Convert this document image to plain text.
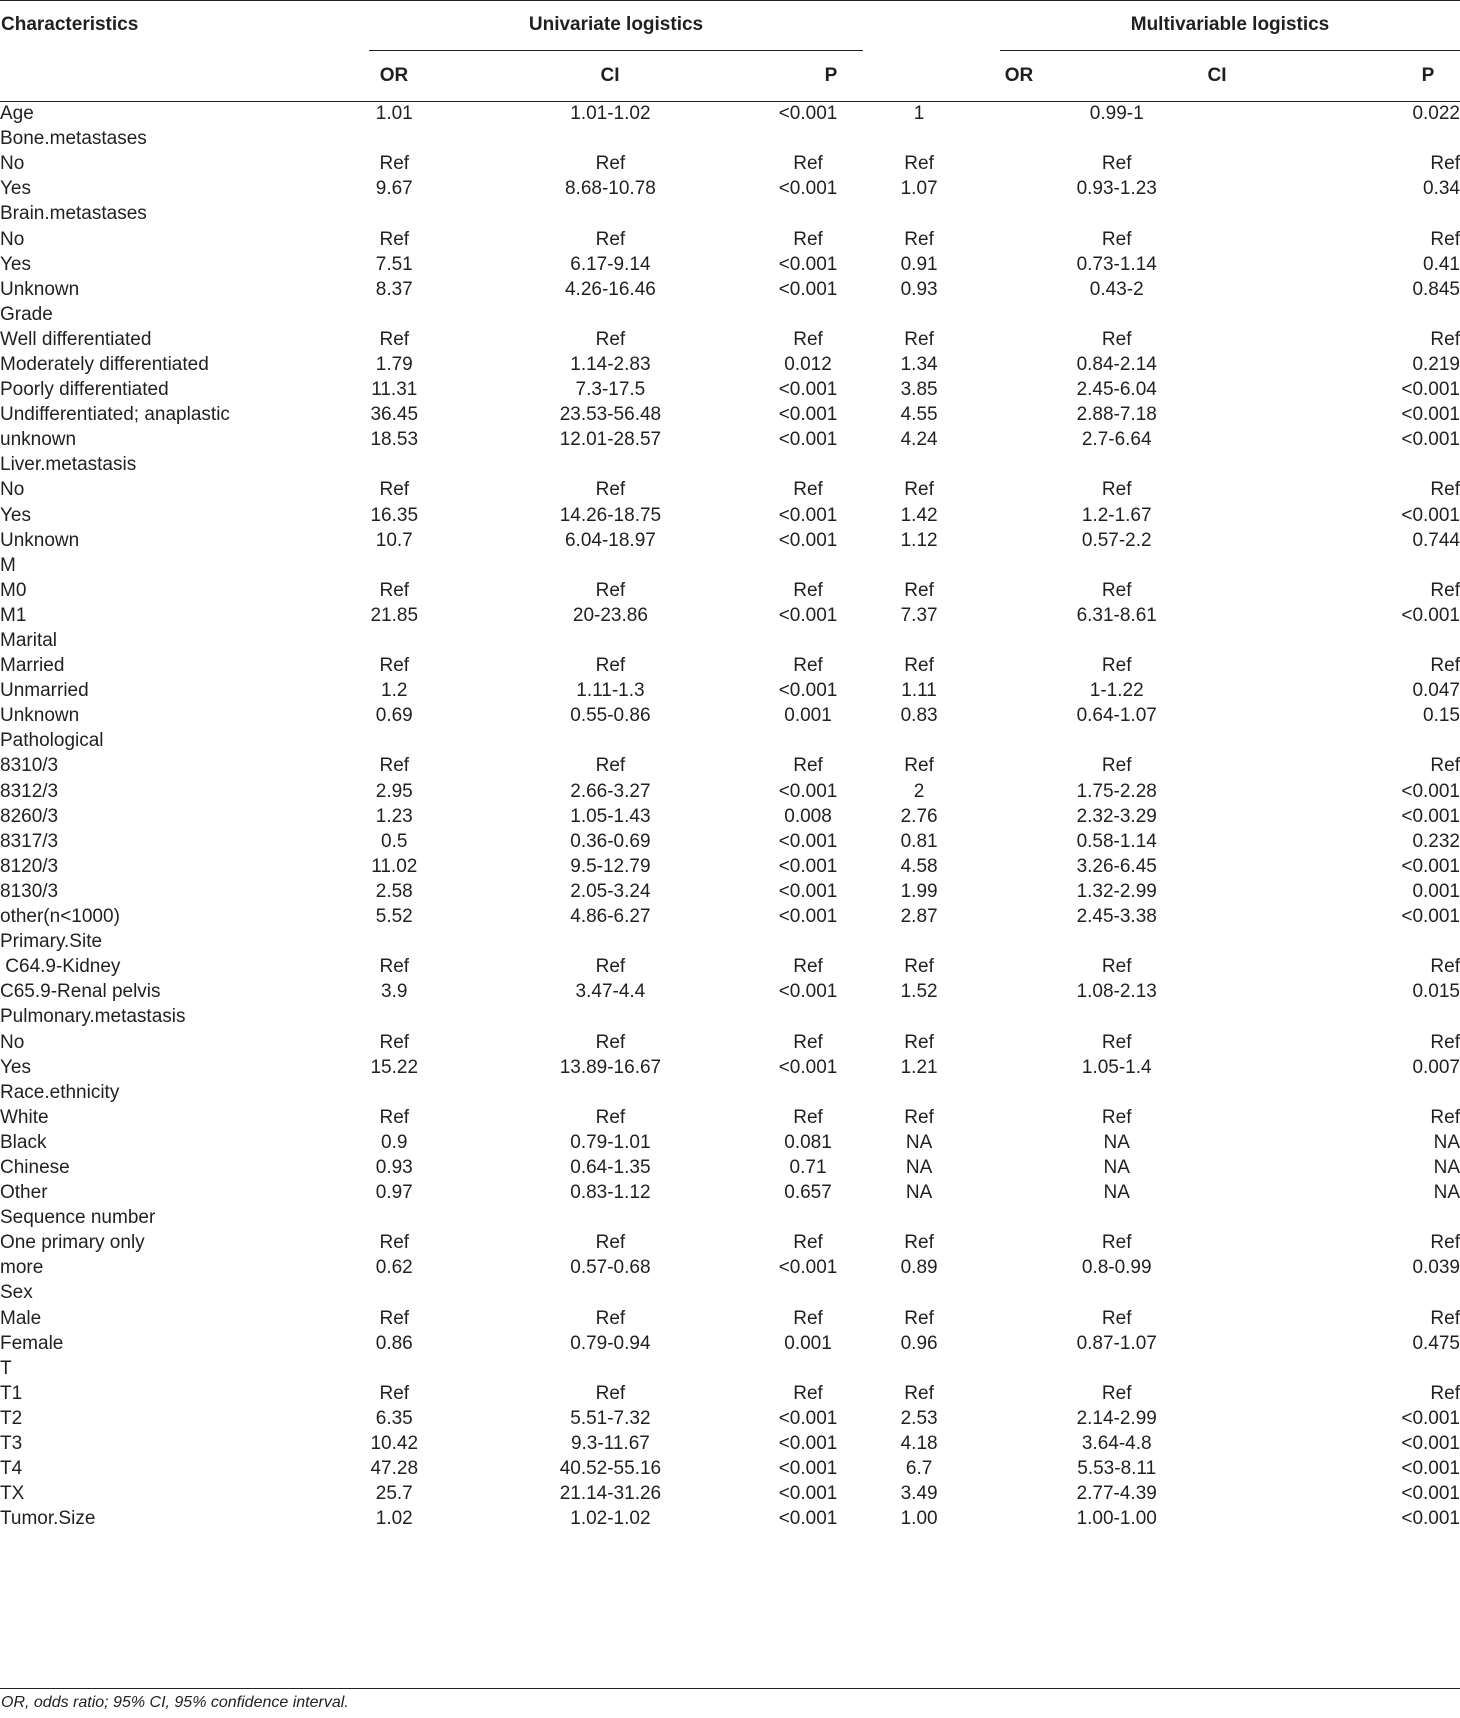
Characteristics	Univariate logistics	Multivariable logistics
OR	CI	P	OR	CI	P
Age	1.01	1.01-1.02	<0.001	1	0.99-1	0.022
Bone.metastases						
No	Ref	Ref	Ref	Ref	Ref	Ref
Yes	9.67	8.68-10.78	<0.001	1.07	0.93-1.23	0.34
Brain.metastases						
No	Ref	Ref	Ref	Ref	Ref	Ref
Yes	7.51	6.17-9.14	<0.001	0.91	0.73-1.14	0.41
Unknown	8.37	4.26-16.46	<0.001	0.93	0.43-2	0.845
Grade						
Well differentiated	Ref	Ref	Ref	Ref	Ref	Ref
Moderately differentiated	1.79	1.14-2.83	0.012	1.34	0.84-2.14	0.219
Poorly differentiated	11.31	7.3-17.5	<0.001	3.85	2.45-6.04	<0.001
Undifferentiated; anaplastic	36.45	23.53-56.48	<0.001	4.55	2.88-7.18	<0.001
unknown	18.53	12.01-28.57	<0.001	4.24	2.7-6.64	<0.001
Liver.metastasis						
No	Ref	Ref	Ref	Ref	Ref	Ref
Yes	16.35	14.26-18.75	<0.001	1.42	1.2-1.67	<0.001
Unknown	10.7	6.04-18.97	<0.001	1.12	0.57-2.2	0.744
M						
M0	Ref	Ref	Ref	Ref	Ref	Ref
M1	21.85	20-23.86	<0.001	7.37	6.31-8.61	<0.001
Marital						
Married	Ref	Ref	Ref	Ref	Ref	Ref
Unmarried	1.2	1.11-1.3	<0.001	1.11	1-1.22	0.047
Unknown	0.69	0.55-0.86	0.001	0.83	0.64-1.07	0.15
Pathological						
8310/3	Ref	Ref	Ref	Ref	Ref	Ref
8312/3	2.95	2.66-3.27	<0.001	2	1.75-2.28	<0.001
8260/3	1.23	1.05-1.43	0.008	2.76	2.32-3.29	<0.001
8317/3	0.5	0.36-0.69	<0.001	0.81	0.58-1.14	0.232
8120/3	11.02	9.5-12.79	<0.001	4.58	3.26-6.45	<0.001
8130/3	2.58	2.05-3.24	<0.001	1.99	1.32-2.99	0.001
other(n<1000)	5.52	4.86-6.27	<0.001	2.87	2.45-3.38	<0.001
Primary.Site						
C64.9-Kidney	Ref	Ref	Ref	Ref	Ref	Ref
C65.9-Renal pelvis	3.9	3.47-4.4	<0.001	1.52	1.08-2.13	0.015
Pulmonary.metastasis						
No	Ref	Ref	Ref	Ref	Ref	Ref
Yes	15.22	13.89-16.67	<0.001	1.21	1.05-1.4	0.007
Race.ethnicity						
White	Ref	Ref	Ref	Ref	Ref	Ref
Black	0.9	0.79-1.01	0.081	NA	NA	NA
Chinese	0.93	0.64-1.35	0.71	NA	NA	NA
Other	0.97	0.83-1.12	0.657	NA	NA	NA
Sequence number						
One primary only	Ref	Ref	Ref	Ref	Ref	Ref
more	0.62	0.57-0.68	<0.001	0.89	0.8-0.99	0.039
Sex						
Male	Ref	Ref	Ref	Ref	Ref	Ref
Female	0.86	0.79-0.94	0.001	0.96	0.87-1.07	0.475
T						
T1	Ref	Ref	Ref	Ref	Ref	Ref
T2	6.35	5.51-7.32	<0.001	2.53	2.14-2.99	<0.001
T3	10.42	9.3-11.67	<0.001	4.18	3.64-4.8	<0.001
T4	47.28	40.52-55.16	<0.001	6.7	5.53-8.11	<0.001
TX	25.7	21.14-31.26	<0.001	3.49	2.77-4.39	<0.001
Tumor.Size	1.02	1.02-1.02	<0.001	1.00	1.00-1.00	<0.001
OR, odds ratio; 95% CI, 95% confidence interval.
